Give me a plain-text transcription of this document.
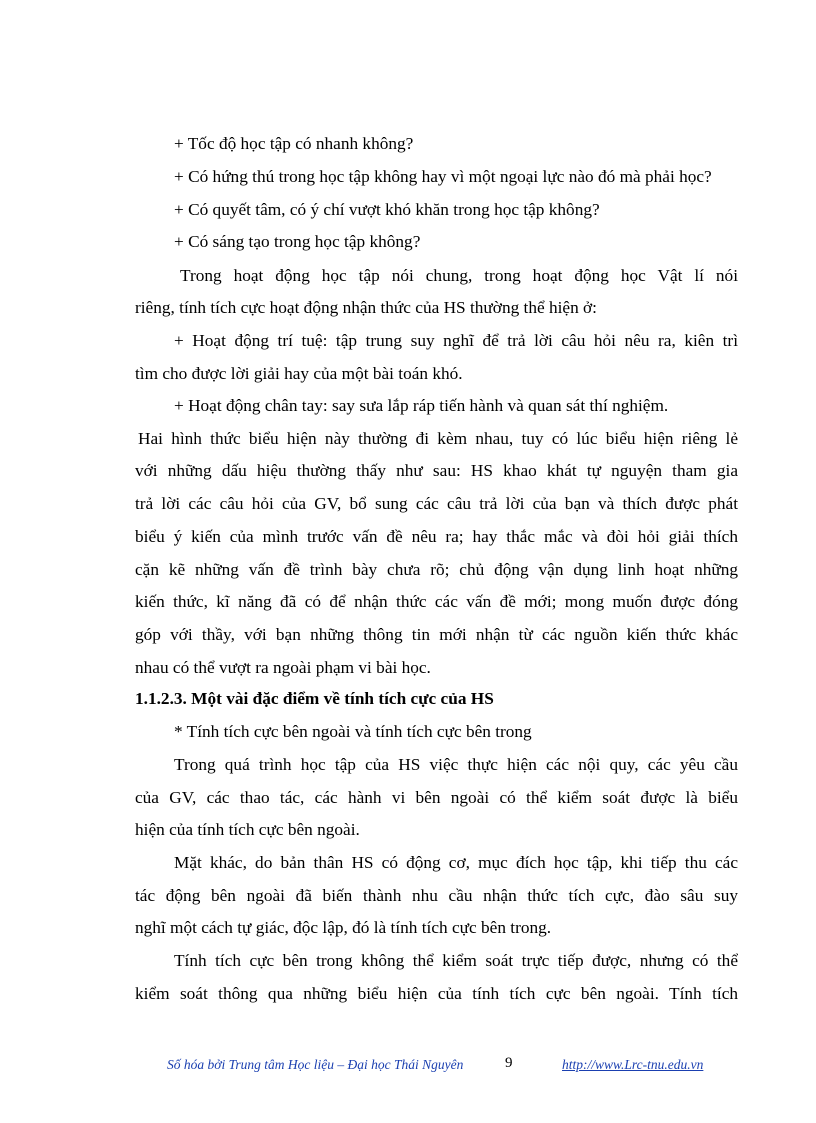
+ Tốc độ học tập có nhanh không?
+ Có hứng thú trong học tập không hay vì một ngoại lực nào đó mà phải học?
+ Có quyết tâm, có ý chí vượt khó khăn trong học tập không?
+ Có sáng tạo trong học tập không?
Trong hoạt động học tập nói chung, trong hoạt động học Vật lí nói
riêng, tính tích cực hoạt động nhận thức của HS thường thể hiện ở:
+ Hoạt động trí tuệ: tập trung suy nghĩ để trả lời câu hỏi nêu ra, kiên trì
tìm cho được lời giải hay của một bài toán khó.
+ Hoạt động chân tay: say sưa lắp ráp tiến hành và quan sát thí nghiệm.
Hai hình thức biểu hiện này thường đi kèm nhau, tuy có lúc biểu hiện riêng lẻ
với những dấu hiệu thường thấy như sau: HS khao khát tự nguyện tham gia
trả lời các câu hỏi của GV, bổ sung các câu trả lời của bạn và thích được phát
biểu ý kiến của mình trước vấn đề nêu ra; hay thắc mắc và đòi hỏi giải thích
cặn kẽ những vấn đề trình bày chưa rõ; chủ động vận dụng linh hoạt những
kiến thức, kĩ năng đã có để nhận thức các vấn đề mới; mong muốn được đóng
góp với thầy, với bạn những thông tin mới nhận từ các nguồn kiến thức khác
nhau có thể vượt ra ngoài phạm vi bài học.
1.1.2.3. Một vài đặc điểm về tính tích cực của HS
* Tính tích cực bên ngoài và tính tích cực bên trong
Trong quá trình học tập của HS việc thực hiện các nội quy, các yêu cầu
của GV, các thao tác, các hành vi bên ngoài có thể kiểm soát được là biểu
hiện của tính tích cực bên ngoài.
Mặt khác, do bản thân HS có động cơ, mục đích học tập, khi tiếp thu các
tác động bên ngoài đã biến thành nhu cầu nhận thức tích cực, đào sâu suy
nghĩ một cách tự giác, độc lập, đó là tính tích cực bên trong.
Tính tích cực bên trong không thể kiểm soát trực tiếp được, nhưng có thể
kiểm soát thông qua những biểu hiện của tính tích cực bên ngoài. Tính tích
Số hóa bởi Trung tâm Học liệu – Đại học Thái Nguyên	9	http://www.Lrc-tnu.edu.vn
